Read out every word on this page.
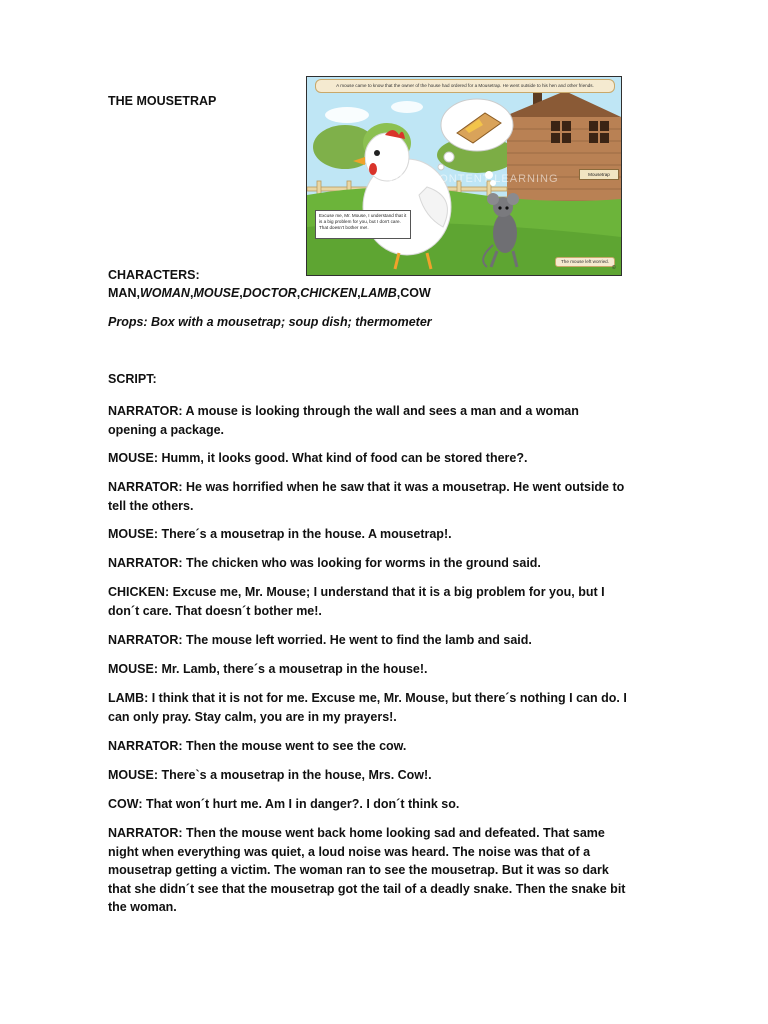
THE MOUSETRAP
A mouse came to know that the owner of the house had ordered for a Mousetrap. He went outside to his hen and other friends.
Mousetrap
VIDEO CONTENT LEARNING
Excuse me, Mr. Mouse, I understand that it is a big problem for you, but I don't care. That doesn't bother me!.
The mouse left worried.
©
CHARACTERS:
MAN,WOMAN,MOUSE,DOCTOR,CHICKEN,LAMB,COW
Props: Box with a mousetrap; soup dish; thermometer
SCRIPT:
NARRATOR: A mouse is looking through the wall and sees a man and a woman opening a package.
MOUSE: Humm, it looks good. What kind of food can be stored there?.
NARRATOR: He was horrified when he saw that it was a mousetrap. He went outside to tell the others.
MOUSE: There´s a mousetrap in the house. A mousetrap!.
NARRATOR: The chicken who was looking for worms in the ground said.
CHICKEN: Excuse me, Mr. Mouse; I understand that it is a big problem for you, but I don´t care. That doesn´t bother me!.
NARRATOR: The mouse left worried. He went to find the lamb and said.
MOUSE: Mr. Lamb, there´s a mousetrap in the house!.
LAMB: I think that it is not for me. Excuse me, Mr. Mouse, but there´s nothing I can do. I can only pray. Stay calm, you are in my prayers!.
NARRATOR: Then the mouse went to see the cow.
MOUSE: There`s a mousetrap in the house, Mrs. Cow!.
COW: That won´t hurt me. Am I in danger?. I don´t think so.
NARRATOR: Then the mouse went back home looking sad and defeated. That same night when everything was quiet, a loud noise was heard. The noise was that of a mousetrap getting a victim. The woman ran to see the mousetrap. But it was so dark that she didn´t see that the mousetrap got the tail of a deadly snake. Then the snake bit the woman.
